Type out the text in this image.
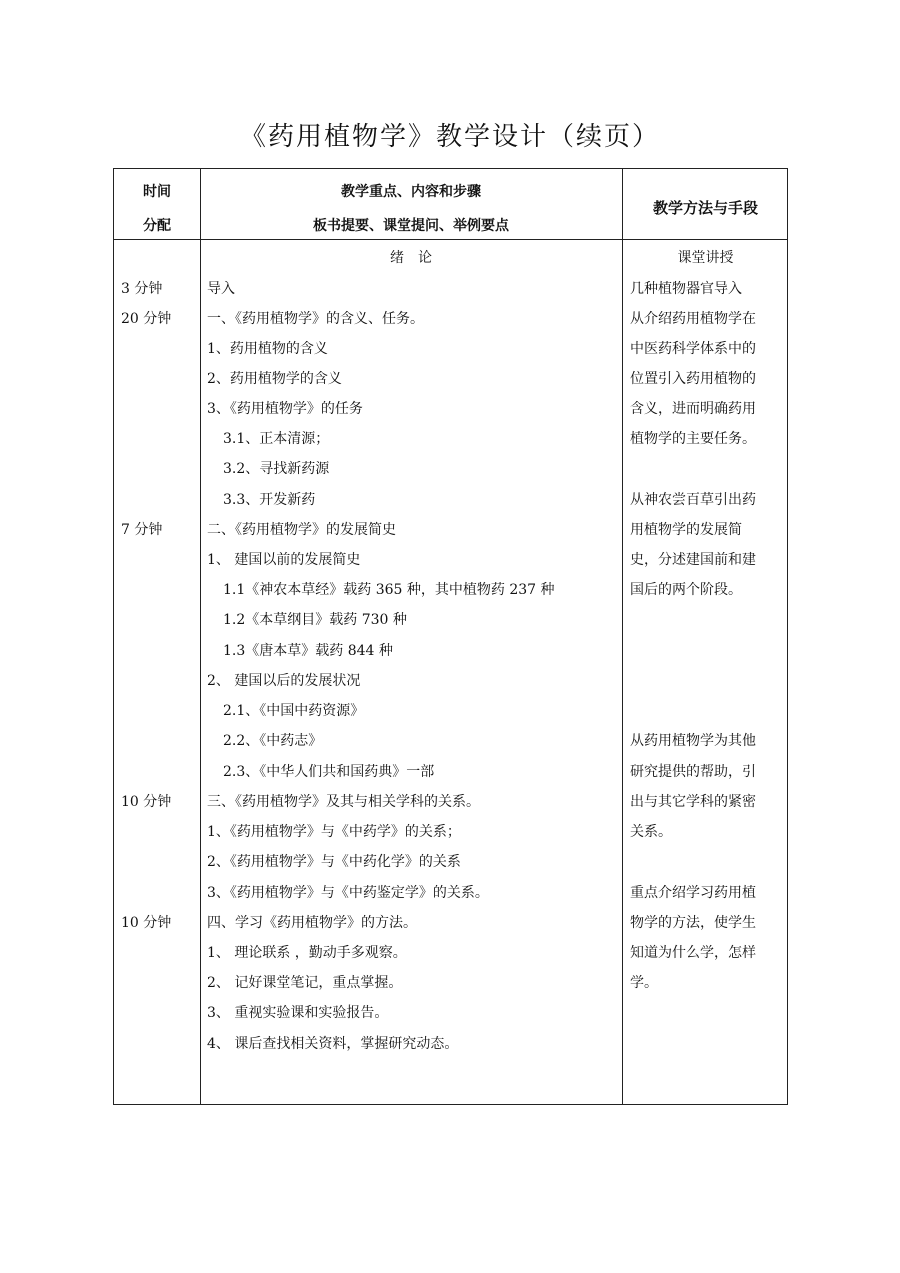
《药用植物学》教学设计（续页）
时间
分配
教学重点、内容和步骤
板书提要、课堂提问、举例要点
教学方法与手段
3 分钟
20 分钟
7 分钟
10 分钟
10 分钟
绪　论
导入
一、《药用植物学》的含义、任务。
1、药用植物的含义
2、药用植物学的含义
3、《药用植物学》的任务
3.1、正本清源；
3.2、寻找新药源
3.3、开发新药
二、《药用植物学》的发展简史
1、 建国以前的发展简史
1.1《神农本草经》载药 365 种，其中植物药 237 种
1.2《本草纲目》载药 730 种
1.3《唐本草》载药 844 种
2、 建国以后的发展状况
2.1、《中国中药资源》
2.2、《中药志》
2.3、《中华人们共和国药典》一部
三、《药用植物学》及其与相关学科的关系。
1、《药用植物学》与《中药学》的关系；
2、《药用植物学》与《中药化学》的关系
3、《药用植物学》与《中药鉴定学》的关系。
四、学习《药用植物学》的方法。
1、 理论联系 ，勤动手多观察。
2、 记好课堂笔记，重点掌握。
3、 重视实验课和实验报告。
4、 课后查找相关资料，掌握研究动态。
课堂讲授
几种植物器官导入
从介绍药用植物学在
中医药科学体系中的
位置引入药用植物的
含义，进而明确药用
植物学的主要任务。
从神农尝百草引出药
用植物学的发展简
史，分述建国前和建
国后的两个阶段。
从药用植物学为其他
研究提供的帮助，引
出与其它学科的紧密
关系。
重点介绍学习药用植
物学的方法，使学生
知道为什么学，怎样
学。
